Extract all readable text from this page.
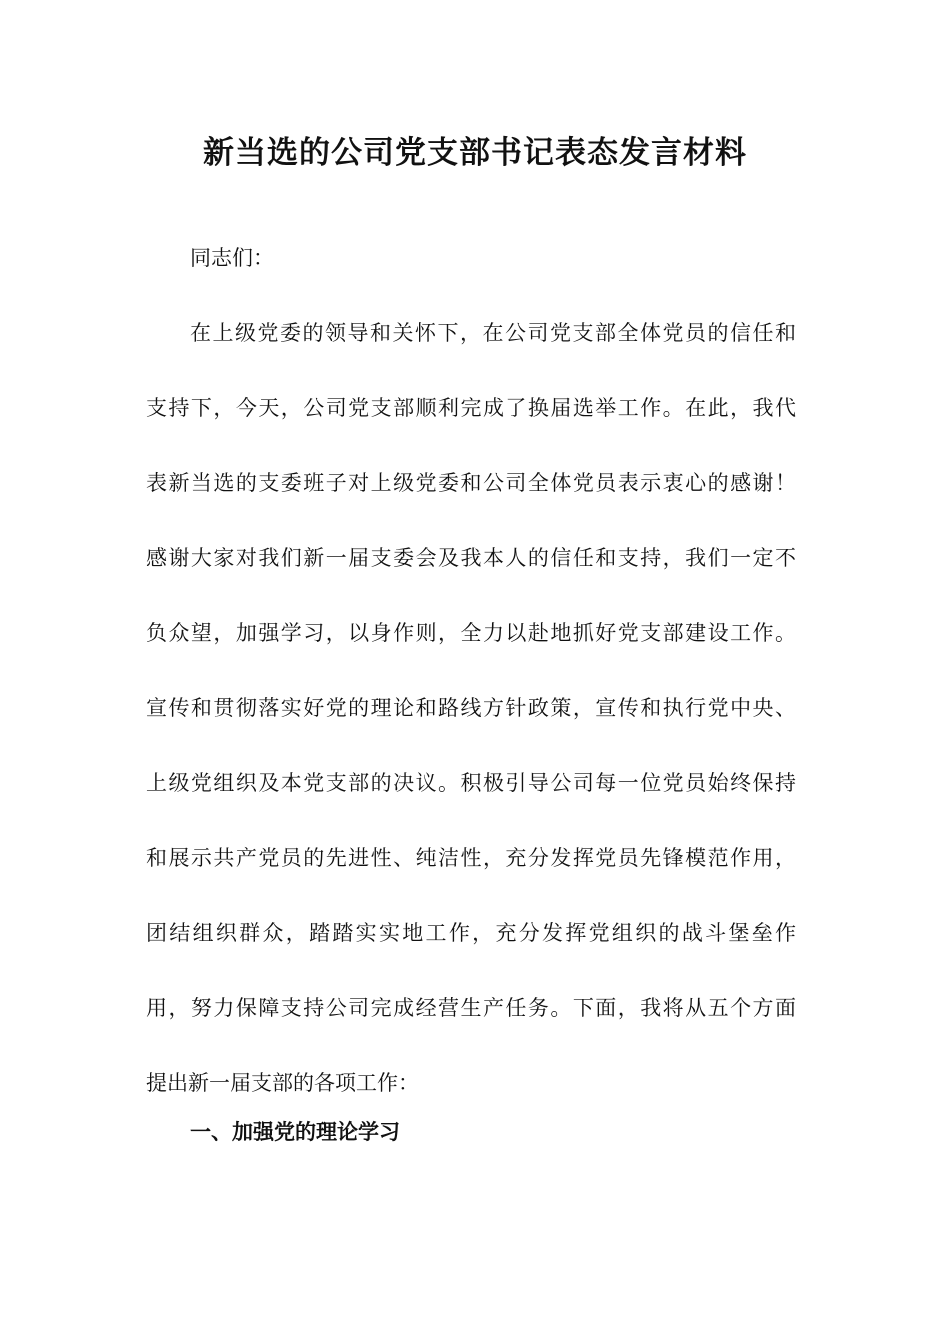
新当选的公司党支部书记表态发言材料
同志们：
在上级党委的领导和关怀下，在公司党支部全体党员的信任和
支持下，今天，公司党支部顺利完成了换届选举工作。在此，我代
表新当选的支委班子对上级党委和公司全体党员表示衷心的感谢！
感谢大家对我们新一届支委会及我本人的信任和支持，我们一定不
负众望，加强学习，以身作则，全力以赴地抓好党支部建设工作。
宣传和贯彻落实好党的理论和路线方针政策，宣传和执行党中央、
上级党组织及本党支部的决议。积极引导公司每一位党员始终保持
和展示共产党员的先进性、纯洁性，充分发挥党员先锋模范作用，
团结组织群众，踏踏实实地工作，充分发挥党组织的战斗堡垒作
用，努力保障支持公司完成经营生产任务。下面，我将从五个方面
提出新一届支部的各项工作：
一、加强党的理论学习
